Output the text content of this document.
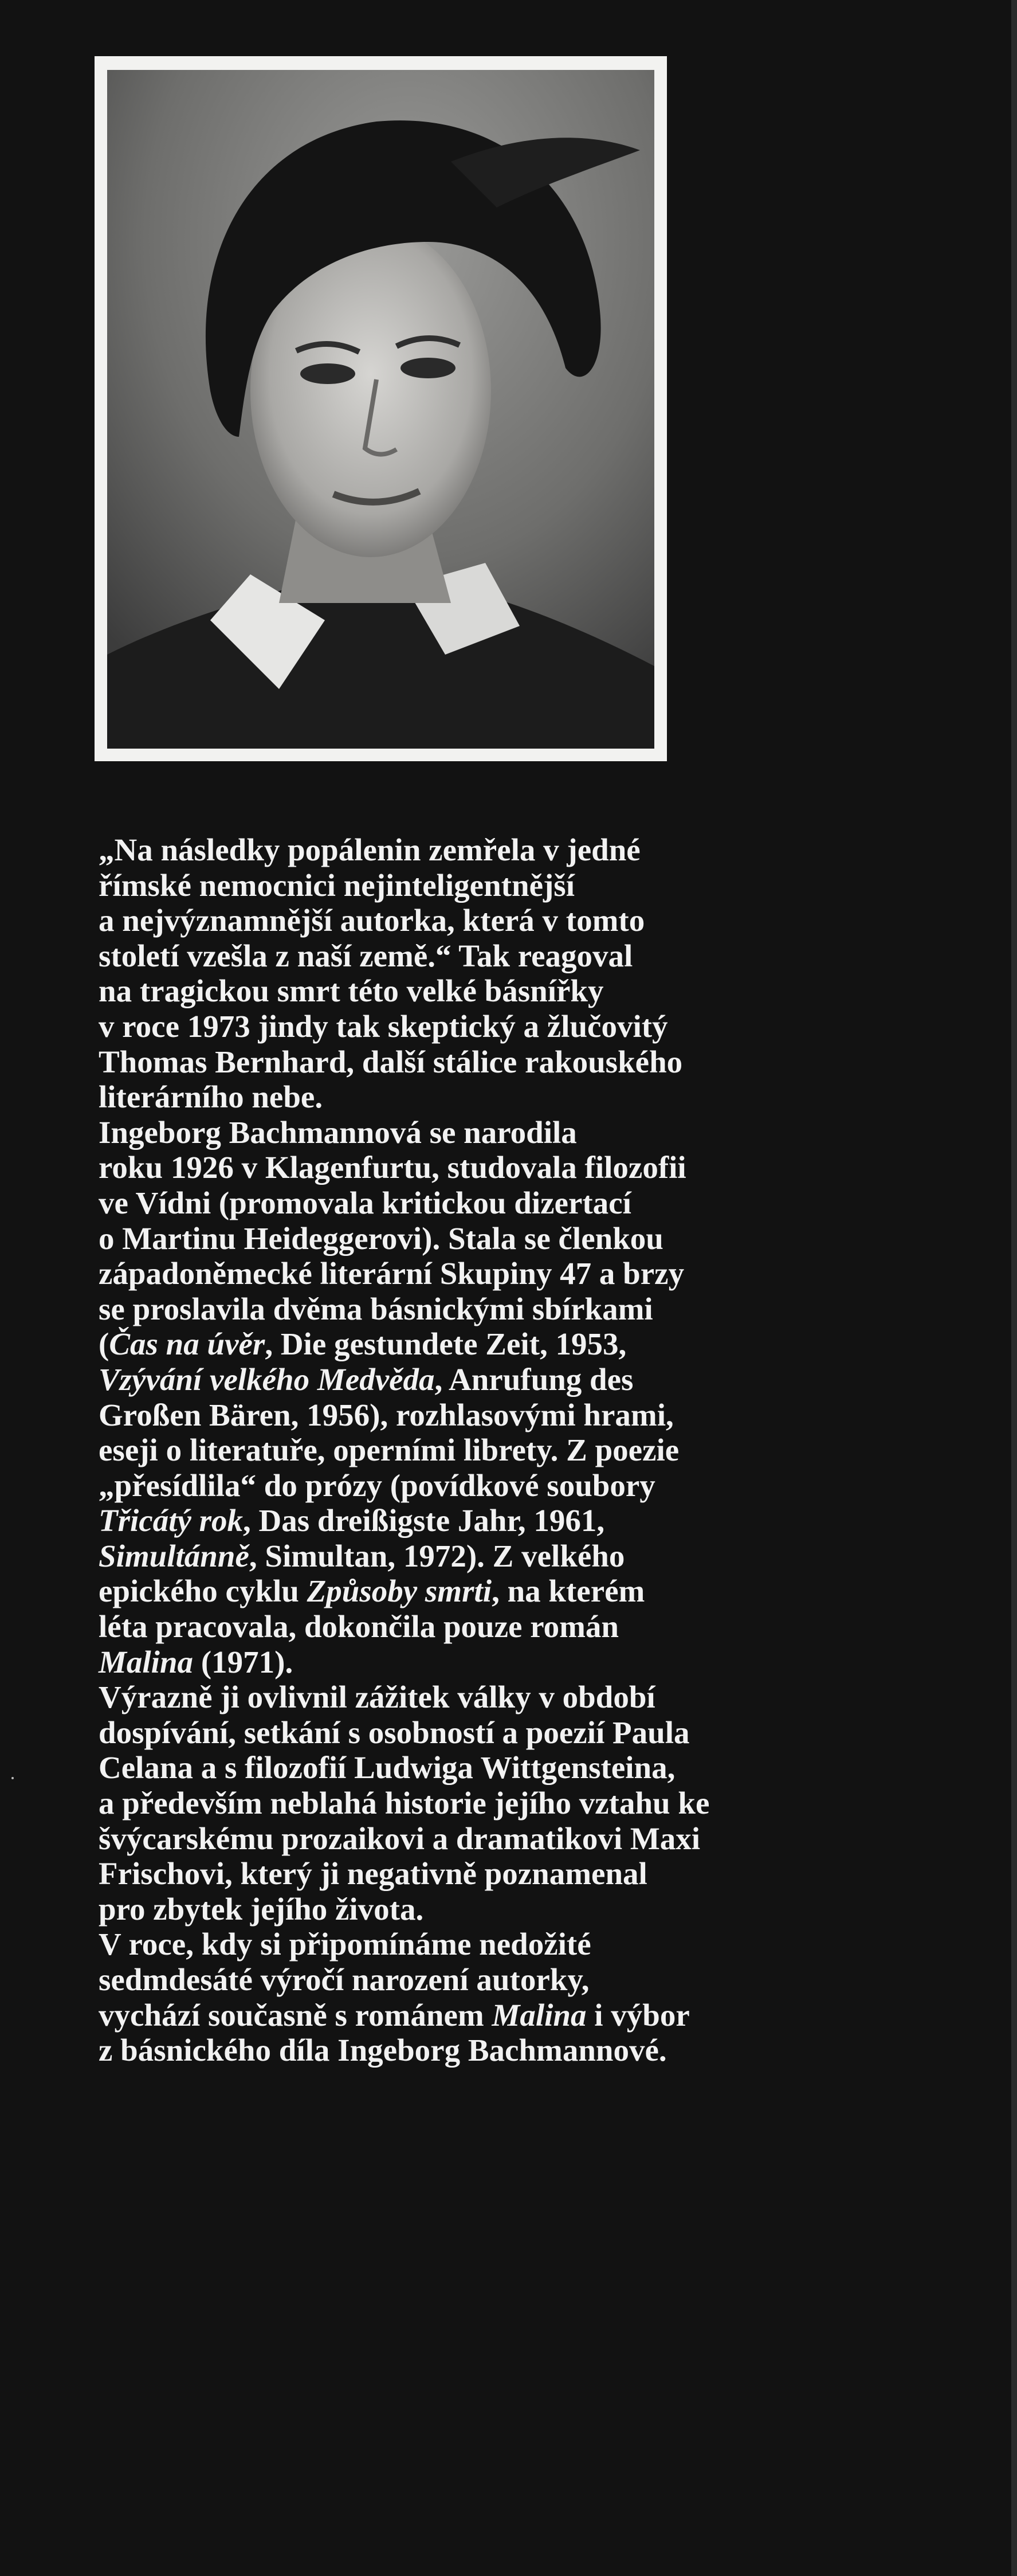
„Na následky popálenin zemřela v jedné
římské nemocnici nejinteligentnější
a nejvýznamnější autorka, která v tomto
století vzešla z naší země.“ Tak reagoval
na tragickou smrt této velké básnířky
v roce 1973 jindy tak skeptický a žlučovitý
Thomas Bernhard, další stálice rakouského
literárního nebe.
Ingeborg Bachmannová se narodila
roku 1926 v Klagenfurtu, studovala filozofii
ve Vídni (promovala kritickou dizertací
o Martinu Heideggerovi). Stala se členkou
západoněmecké literární Skupiny 47 a brzy
se proslavila dvěma básnickými sbírkami
(Čas na úvěr, Die gestundete Zeit, 1953,
Vzývání velkého Medvěda, Anrufung des
Großen Bären, 1956), rozhlasovými hrami,
eseji o literatuře, operními librety. Z poezie
„přesídlila“ do prózy (povídkové soubory
Třicátý rok, Das dreißigste Jahr, 1961,
Simultánně, Simultan, 1972). Z velkého
epického cyklu Způsoby smrti, na kterém
léta pracovala, dokončila pouze román
Malina (1971).
Výrazně ji ovlivnil zážitek války v období
dospívání, setkání s osobností a poezií Paula
Celana a s filozofií Ludwiga Wittgensteina,
a především neblahá historie jejího vztahu ke
švýcarskému prozaikovi a dramatikovi Maxi
Frischovi, který ji negativně poznamenal
pro zbytek jejího života.
V roce, kdy si připomínáme nedožité
sedmdesáté výročí narození autorky,
vychází současně s románem Malina i výbor
z básnického díla Ingeborg Bachmannové.
